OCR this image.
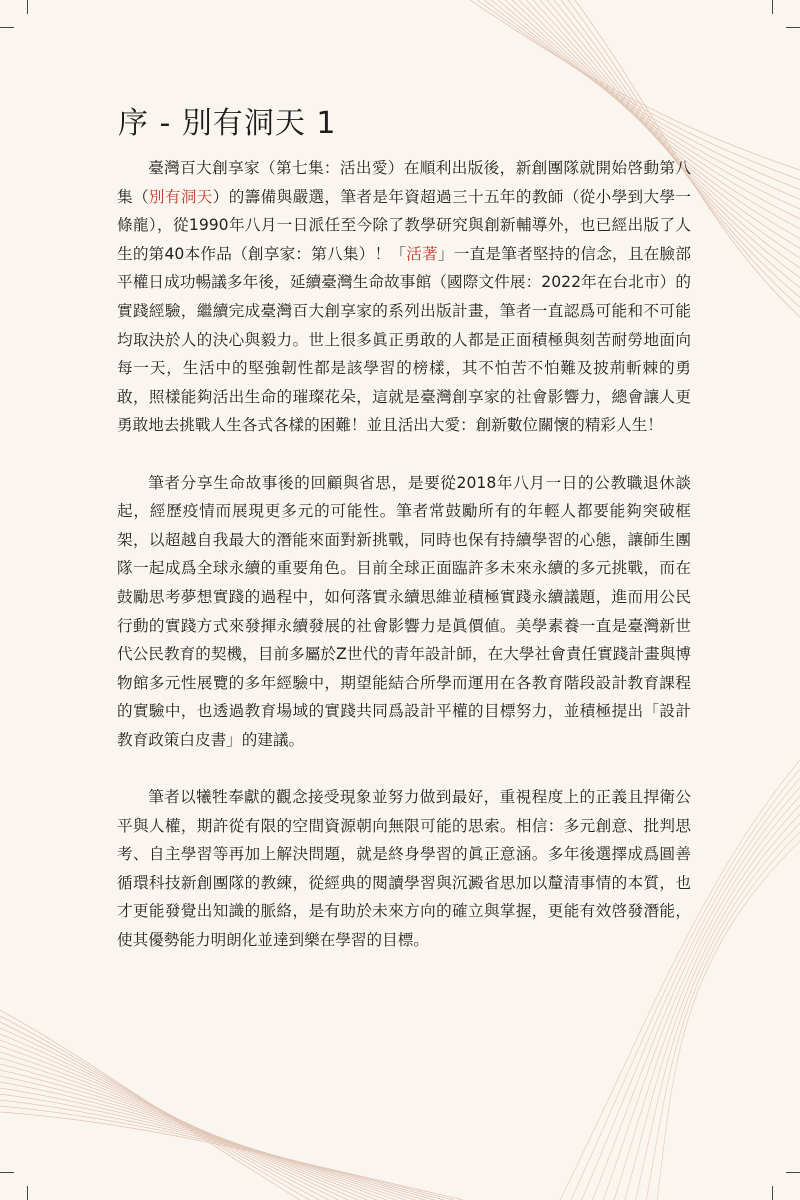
序 - 別有洞天 1

臺灣百大創享家（第七集：活出愛）在順利出版後，新創團隊就開始啓動第八集（別有洞天）的籌備與嚴選，筆者是年資超過三十五年的教師（從小學到大學一條龍），從1990年八月一日派任至今除了教學研究與創新輔導外，也已經出版了人生的第40本作品（創享家：第八集）！「活著」一直是筆者堅持的信念，且在臉部平權日成功暢議多年後，延續臺灣生命故事館（國際文件展：2022年在台北市）的實踐經驗，繼續完成臺灣百大創享家的系列出版計畫，筆者一直認爲可能和不可能均取決於人的決心與毅力。世上很多眞正勇敢的人都是正面積極與刻苦耐勞地面向每一天，生活中的堅強韌性都是該學習的榜樣，其不怕苦不怕難及披荊斬棘的勇敢，照樣能夠活出生命的璀璨花朵，這就是臺灣創享家的社會影響力，總會讓人更勇敢地去挑戰人生各式各樣的困難！並且活出大愛：創新數位關懷的精彩人生！

筆者分享生命故事後的回顧與省思，是要從2018年八月一日的公教職退休談起，經歷疫情而展現更多元的可能性。筆者常鼓勵所有的年輕人都要能夠突破框架，以超越自我最大的潛能來面對新挑戰，同時也保有持續學習的心態，讓師生團隊一起成爲全球永續的重要角色。目前全球正面臨許多未來永續的多元挑戰，而在鼓勵思考夢想實踐的過程中，如何落實永續思維並積極實踐永續議題，進而用公民行動的實踐方式來發揮永續發展的社會影響力是眞價値。美學素養一直是臺灣新世代公民教育的契機，目前多屬於Z世代的青年設計師，在大學社會責任實踐計畫與博物館多元性展覽的多年經驗中，期望能結合所學而運用在各教育階段設計教育課程的實驗中，也透過教育場域的實踐共同爲設計平權的目標努力，並積極提出「設計教育政策白皮書」的建議。

筆者以犧牲奉獻的觀念接受現象並努力做到最好，重視程度上的正義且捍衛公平與人權，期許從有限的空間資源朝向無限可能的思索。相信：多元創意、批判思考、自主學習等再加上解決問題，就是終身學習的眞正意涵。多年後選擇成爲圓善循環科技新創團隊的教練，從經典的閱讀學習與沉澱省思加以釐清事情的本質，也才更能發覺出知識的脈絡，是有助於未來方向的確立與掌握，更能有效啓發潛能，使其優勢能力明朗化並達到樂在學習的目標。
